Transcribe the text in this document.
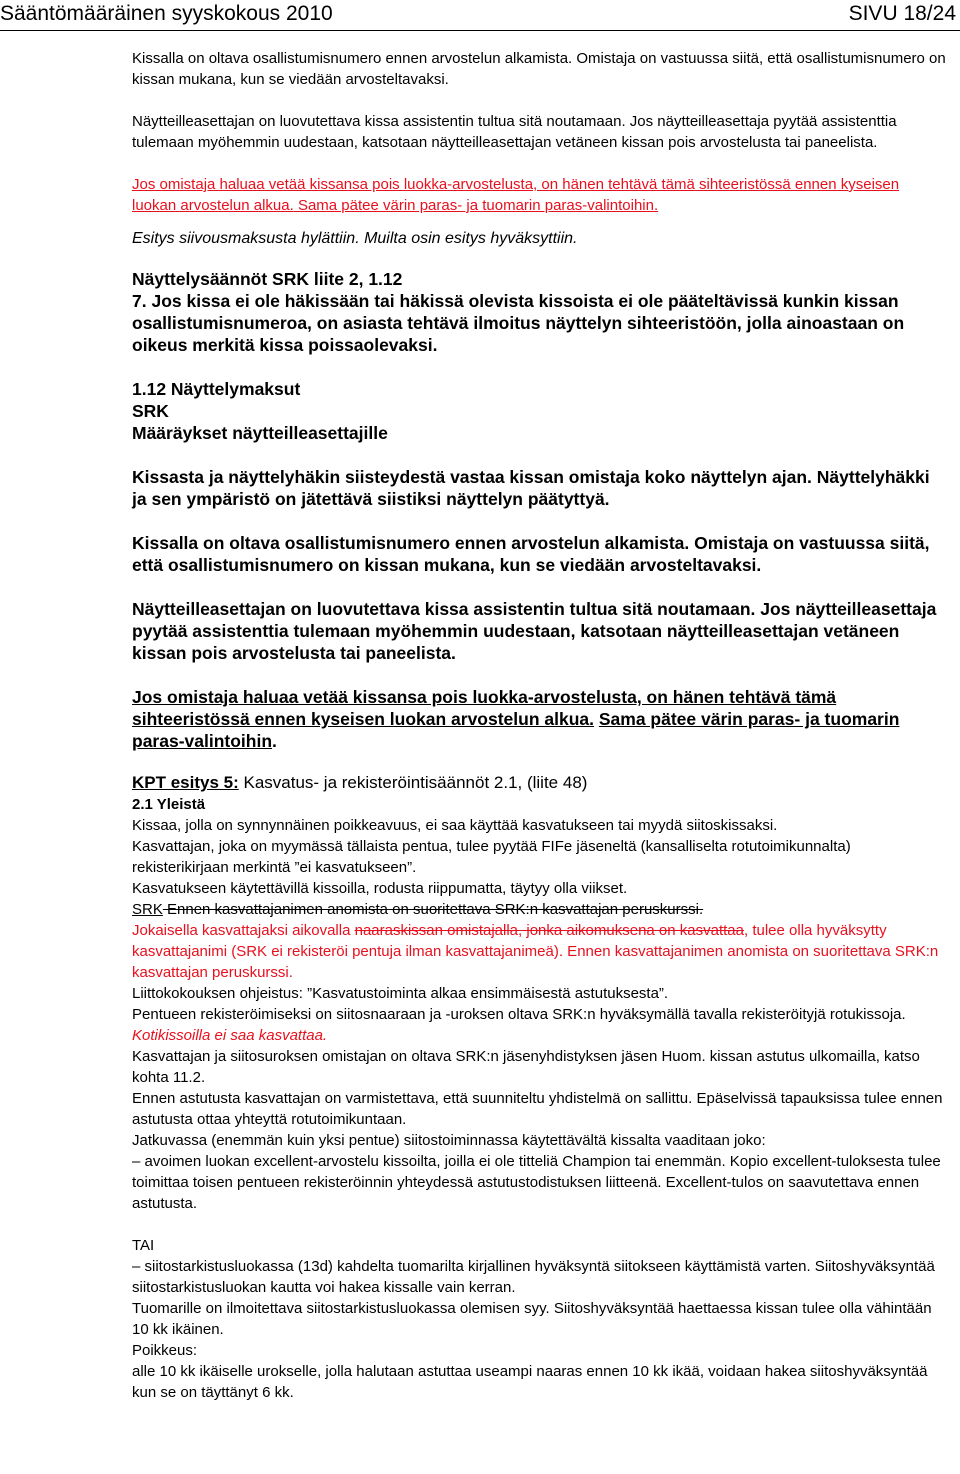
Sääntömääräinen syyskokous 2010	SIVU 18/24

Kissalla on oltava osallistumisnumero ennen arvostelun alkamista. Omistaja on vastuussa siitä, että osallistumisnumero on kissan mukana, kun se viedään arvosteltavaksi.

Näytteilleasettajan on luovutettava kissa assistentin tultua sitä noutamaan. Jos näytteilleasettaja pyytää assistenttia tulemaan myöhemmin uudestaan, katsotaan näytteilleasettajan vetäneen kissan pois arvostelusta tai paneelista.

Jos omistaja haluaa vetää kissansa pois luokka-arvostelusta, on hänen tehtävä tämä sihteeristössä ennen kyseisen luokan arvostelun alkua. Sama pätee värin paras- ja tuomarin paras-valintoihin.

Esitys siivousmaksusta hylättiin. Muilta osin esitys hyväksyttiin.

Näyttelysäännöt SRK liite 2, 1.12

7. Jos kissa ei ole häkissään tai häkissä olevista kissoista ei ole pääteltävissä kunkin kissan osallistumisnumeroa, on asiasta tehtävä ilmoitus näyttelyn sihteeristöön, jolla ainoastaan on oikeus merkitä kissa poissaolevaksi.

1.12 Näyttelymaksut

SRK

Määräykset näytteilleasettajille

Kissasta ja näyttelyhäkin siisteydestä vastaa kissan omistaja koko näyttelyn ajan. Näyttelyhäkki ja sen ympäristö on jätettävä siistiksi näyttelyn päätyttyä.

Kissalla on oltava osallistumisnumero ennen arvostelun alkamista. Omistaja on vastuussa siitä, että osallistumisnumero on kissan mukana, kun se viedään arvosteltavaksi.

Näytteilleasettajan on luovutettava kissa assistentin tultua sitä noutamaan. Jos näytteilleasettaja pyytää assistenttia tulemaan myöhemmin uudestaan, katsotaan näytteilleasettajan vetäneen kissan pois arvostelusta tai paneelista.

Jos omistaja haluaa vetää kissansa pois luokka-arvostelusta, on hänen tehtävä tämä sihteeristössä ennen kyseisen luokan arvostelun alkua. Sama pätee värin paras- ja tuomarin paras-valintoihin.

KPT esitys 5: Kasvatus- ja rekisteröintisäännöt 2.1, (liite 48)

2.1 Yleistä

Kissaa, jolla on synnynnäinen poikkeavuus, ei saa käyttää kasvatukseen tai myydä siitoskissaksi.

Kasvattajan, joka on myymässä tällaista pentua, tulee pyytää FIFe jäseneltä (kansalliselta rotutoimikunnalta) rekisterikirjaan merkintä ”ei kasvatukseen”.

Kasvatukseen käytettävillä kissoilla, rodusta riippumatta, täytyy olla viikset.

SRK Ennen kasvattajanimen anomista on suoritettava SRK:n kasvattajan peruskurssi.

Jokaisella kasvattajaksi aikovalla naaraskissan omistajalla, jonka aikomuksena on kasvattaa, tulee olla hyväksytty kasvattajanimi (SRK ei rekisteröi pentuja ilman kasvattajanimeä). Ennen kasvattajanimen anomista on suoritettava SRK:n kasvattajan peruskurssi.

Liittokokouksen ohjeistus: ”Kasvatustoiminta alkaa ensimmäisestä astutuksesta”.

Pentueen rekisteröimiseksi on siitosnaaraan ja -uroksen oltava SRK:n hyväksymällä tavalla rekisteröityjä rotukissoja. Kotikissoilla ei saa kasvattaa.

Kasvattajan ja siitosuroksen omistajan on oltava SRK:n jäsenyhdistyksen jäsen Huom. kissan astutus ulkomailla, katso kohta 11.2.

Ennen astutusta kasvattajan on varmistettava, että suunniteltu yhdistelmä on sallittu. Epäselvissä tapauksissa tulee ennen astutusta ottaa yhteyttä rotutoimikuntaan.

Jatkuvassa (enemmän kuin yksi pentue) siitostoiminnassa käytettävältä kissalta vaaditaan joko:

– avoimen luokan excellent-arvostelu kissoilta, joilla ei ole titteliä Champion tai enemmän. Kopio excellent-tuloksesta tulee toimittaa toisen pentueen rekisteröinnin yhteydessä astutustodistuksen liitteenä. Excellent-tulos on saavutettava ennen astutusta.

TAI

– siitostarkistusluokassa (13d) kahdelta tuomarilta kirjallinen hyväksyntä siitokseen käyttämistä varten. Siitoshyväksyntää siitostarkistusluokan kautta voi hakea kissalle vain kerran.

Tuomarille on ilmoitettava siitostarkistusluokassa olemisen syy. Siitoshyväksyntää haettaessa kissan tulee olla vähintään 10 kk ikäinen.

Poikkeus:

alle 10 kk ikäiselle urokselle, jolla halutaan astuttaa useampi naaras ennen 10 kk ikää, voidaan hakea siitoshyväksyntää kun se on täyttänyt 6 kk.
